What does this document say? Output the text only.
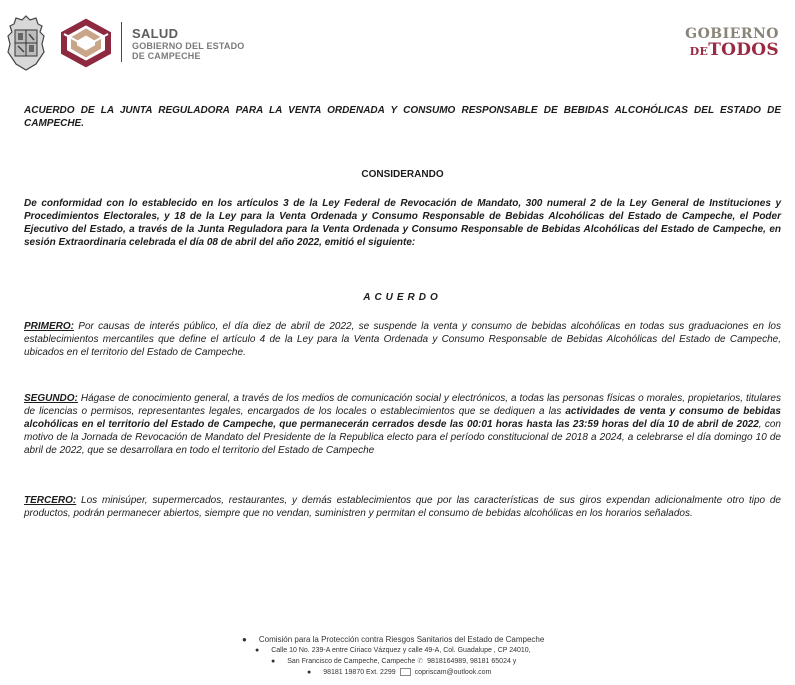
SALUD
GOBIERNO DEL ESTADO
DE CAMPECHE
GOBIERNO
DETODOS
ACUERDO DE LA JUNTA REGULADORA PARA LA VENTA ORDENADA Y CONSUMO RESPONSABLE DE BEBIDAS ALCOHÓLICAS DEL ESTADO DE CAMPECHE.
CONSIDERANDO
De conformidad con lo establecido en los artículos 3 de la Ley Federal de Revocación de Mandato, 300 numeral 2 de la Ley General de Instituciones y Procedimientos Electorales, y 18 de la Ley para la Venta Ordenada y Consumo Responsable de Bebidas Alcohólicas del Estado de Campeche, el Poder Ejecutivo del Estado, a través de la Junta Reguladora para la Venta Ordenada y Consumo Responsable de Bebidas Alcohólicas del Estado de Campeche, en sesión Extraordinaria celebrada el día 08 de abril del año 2022, emitió el siguiente:
ACUERDO
PRIMERO: Por causas de interés público, el día diez de abril de 2022, se suspende la venta y consumo de bebidas alcohólicas en todas sus graduaciones en los establecimientos mercantiles que define el artículo 4 de la Ley para la Venta Ordenada y Consumo Responsable de Bebidas Alcohólicas del Estado de Campeche, ubicados en el territorio del Estado de Campeche.
SEGUNDO: Hágase de conocimiento general, a través de los medios de comunicación social y electrónicos, a todas las personas físicas o morales, propietarios, titulares de licencias o permisos, representantes legales, encargados de los locales o establecimientos que se dediquen a las actividades de venta y consumo de bebidas alcohólicas en el territorio del Estado de Campeche, que permanecerán cerrados desde las 00:01 horas hasta las 23:59 horas del día 10 de abril de 2022, con motivo de la Jornada de Revocación de Mandato del Presidente de la Republica electo para el período constitucional de 2018 a 2024, a celebrarse el día domingo 10 de abril de 2022, que se desarrollara en todo el territorio del Estado de Campeche
TERCERO: Los minisúper, supermercados, restaurantes, y demás establecimientos que por las características de sus giros expendan adicionalmente otro tipo de productos, podrán permanecer abiertos, siempre que no vendan, suministren y permitan el consumo de bebidas alcohólicas en los horarios señalados.
● Comisión para la Protección contra Riesgos Sanitarios del Estado de Campeche
● Calle 10 No. 239-A entre Ciriaco Vázquez y calle 49-A, Col. Guadalupe , CP 24010,
● San Francisco de Campeche, Campeche ✆ 9818164989, 98181 65024 y
● 98181 19870 Ext. 2299	copriscam@outlook.com
